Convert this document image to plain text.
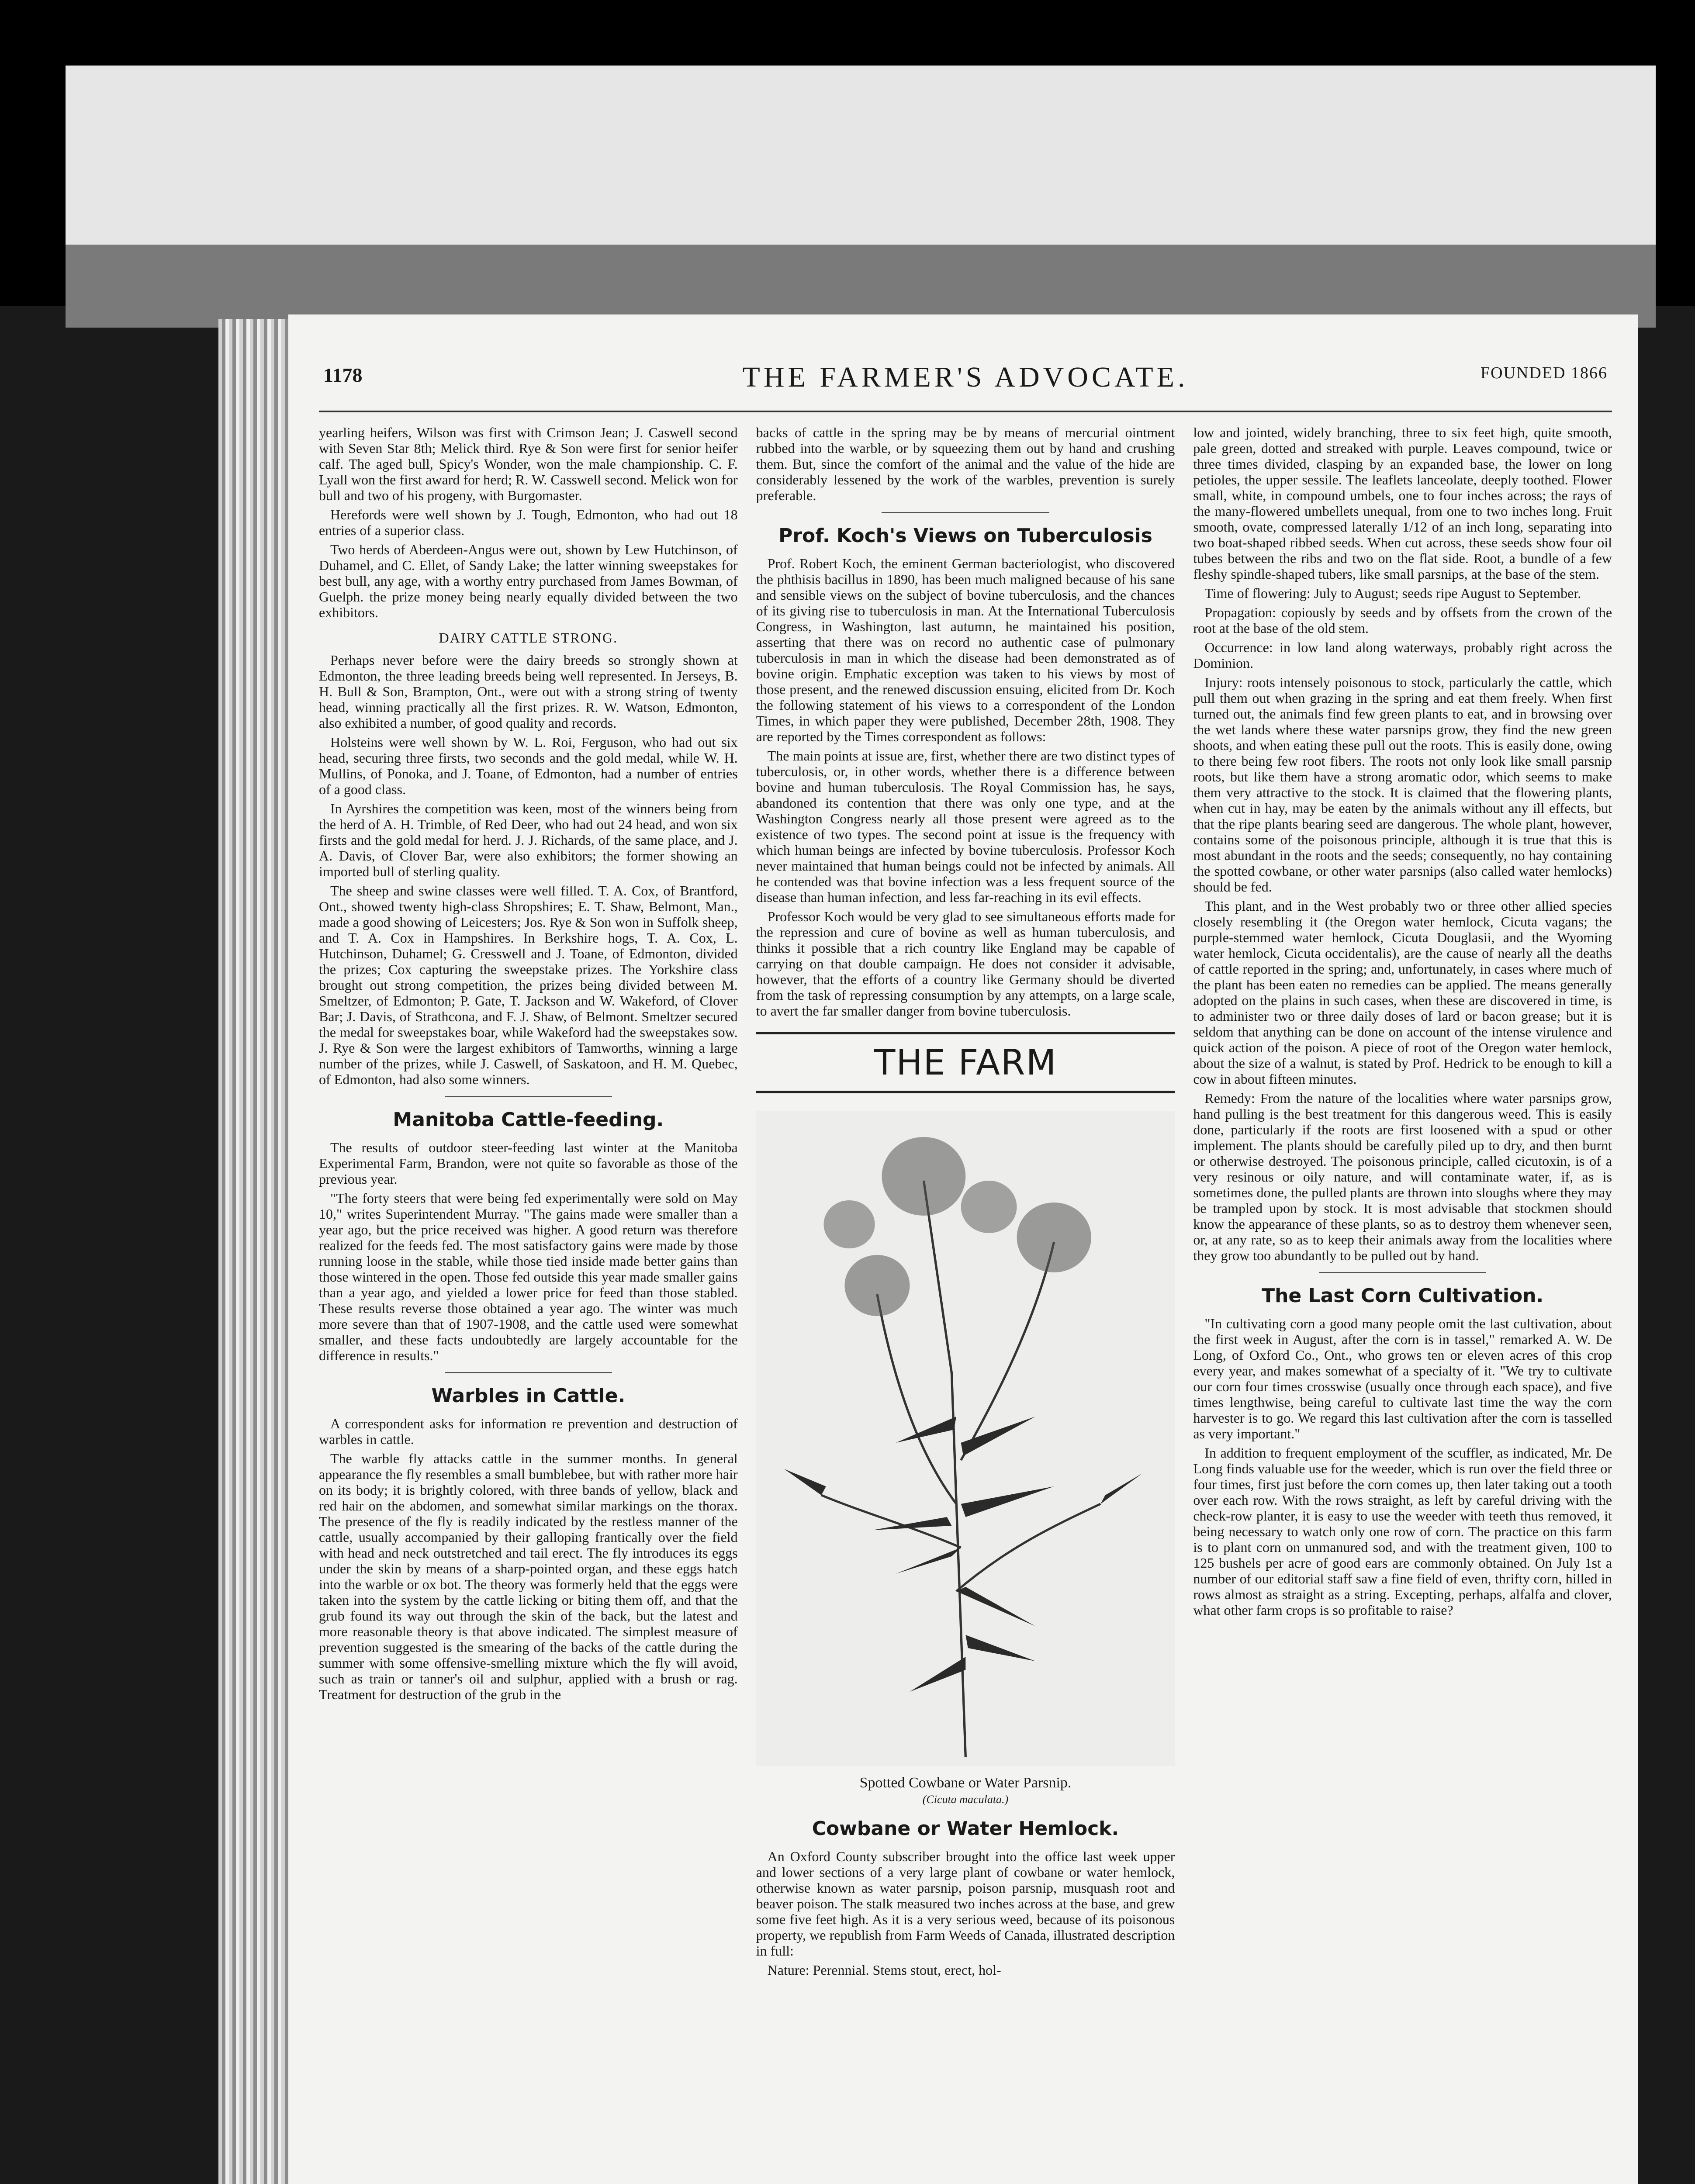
1178	THE FARMER'S ADVOCATE.	FOUNDED 1866

yearling heifers, Wilson was first with Crimson Jean; J. Caswell second with Seven Star 8th; Melick third. Rye & Son were first for senior heifer calf. The aged bull, Spicy's Wonder, won the male championship. C. F. Lyall won the first award for herd; R. W. Casswell second. Melick won for bull and two of his progeny, with Burgomaster.

Herefords were well shown by J. Tough, Edmonton, who had out 18 entries of a superior class.

Two herds of Aberdeen-Angus were out, shown by Lew Hutchinson, of Duhamel, and C. Ellet, of Sandy Lake; the latter winning sweepstakes for best bull, any age, with a worthy entry purchased from James Bowman, of Guelph. the prize money being nearly equally divided between the two exhibitors.

DAIRY CATTLE STRONG.

Perhaps never before were the dairy breeds so strongly shown at Edmonton, the three leading breeds being well represented. In Jerseys, B. H. Bull & Son, Brampton, Ont., were out with a strong string of twenty head, winning practically all the first prizes. R. W. Watson, Edmonton, also exhibited a number, of good quality and records.

Holsteins were well shown by W. L. Roi, Ferguson, who had out six head, securing three firsts, two seconds and the gold medal, while W. H. Mullins, of Ponoka, and J. Toane, of Edmonton, had a number of entries of a good class.

In Ayrshires the competition was keen, most of the winners being from the herd of A. H. Trimble, of Red Deer, who had out 24 head, and won six firsts and the gold medal for herd. J. J. Richards, of the same place, and J. A. Davis, of Clover Bar, were also exhibitors; the former showing an imported bull of sterling quality.

The sheep and swine classes were well filled. T. A. Cox, of Brantford, Ont., showed twenty high-class Shropshires; E. T. Shaw, Belmont, Man., made a good showing of Leicesters; Jos. Rye & Son won in Suffolk sheep, and T. A. Cox in Hampshires. In Berkshire hogs, T. A. Cox, L. Hutchinson, Duhamel; G. Cresswell and J. Toane, of Edmonton, divided the prizes; Cox capturing the sweepstake prizes. The Yorkshire class brought out strong competition, the prizes being divided between M. Smeltzer, of Edmonton; P. Gate, T. Jackson and W. Wakeford, of Clover Bar; J. Davis, of Strathcona, and F. J. Shaw, of Belmont. Smeltzer secured the medal for sweepstakes boar, while Wakeford had the sweepstakes sow. J. Rye & Son were the largest exhibitors of Tamworths, winning a large number of the prizes, while J. Caswell, of Saskatoon, and H. M. Quebec, of Edmonton, had also some winners.

Manitoba Cattle-feeding.

The results of outdoor steer-feeding last winter at the Manitoba Experimental Farm, Brandon, were not quite so favorable as those of the previous year.

"The forty steers that were being fed experimentally were sold on May 10," writes Superintendent Murray. "The gains made were smaller than a year ago, but the price received was higher. A good return was therefore realized for the feeds fed. The most satisfactory gains were made by those running loose in the stable, while those tied inside made better gains than those wintered in the open. Those fed outside this year made smaller gains than a year ago, and yielded a lower price for feed than those stabled. These results reverse those obtained a year ago. The winter was much more severe than that of 1907-1908, and the cattle used were somewhat smaller, and these facts undoubtedly are largely accountable for the difference in results."

Warbles in Cattle.

A correspondent asks for information re prevention and destruction of warbles in cattle.

The warble fly attacks cattle in the summer months. In general appearance the fly resembles a small bumblebee, but with rather more hair on its body; it is brightly colored, with three bands of yellow, black and red hair on the abdomen, and somewhat similar markings on the thorax. The presence of the fly is readily indicated by the restless manner of the cattle, usually accompanied by their galloping frantically over the field with head and neck outstretched and tail erect. The fly introduces its eggs under the skin by means of a sharp-pointed organ, and these eggs hatch into the warble or ox bot. The theory was formerly held that the eggs were taken into the system by the cattle licking or biting them off, and that the grub found its way out through the skin of the back, but the latest and more reasonable theory is that above indicated. The simplest measure of prevention suggested is the smearing of the backs of the cattle during the summer with some offensive-smelling mixture which the fly will avoid, such as train or tanner's oil and sulphur, applied with a brush or rag. Treatment for destruction of the grub in the

backs of cattle in the spring may be by means of mercurial ointment rubbed into the warble, or by squeezing them out by hand and crushing them. But, since the comfort of the animal and the value of the hide are considerably lessened by the work of the warbles, prevention is surely preferable.

Prof. Koch's Views on Tuberculosis

Prof. Robert Koch, the eminent German bacteriologist, who discovered the phthisis bacillus in 1890, has been much maligned because of his sane and sensible views on the subject of bovine tuberculosis, and the chances of its giving rise to tuberculosis in man. At the International Tuberculosis Congress, in Washington, last autumn, he maintained his position, asserting that there was on record no authentic case of pulmonary tuberculosis in man in which the disease had been demonstrated as of bovine origin. Emphatic exception was taken to his views by most of those present, and the renewed discussion ensuing, elicited from Dr. Koch the following statement of his views to a correspondent of the London Times, in which paper they were published, December 28th, 1908. They are reported by the Times correspondent as follows:

The main points at issue are, first, whether there are two distinct types of tuberculosis, or, in other words, whether there is a difference between bovine and human tuberculosis. The Royal Commission has, he says, abandoned its contention that there was only one type, and at the Washington Congress nearly all those present were agreed as to the existence of two types. The second point at issue is the frequency with which human beings are infected by bovine tuberculosis. Professor Koch never maintained that human beings could not be infected by animals. All he contended was that bovine infection was a less frequent source of the disease than human infection, and less far-reaching in its evil effects.

Professor Koch would be very glad to see simultaneous efforts made for the repression and cure of bovine as well as human tuberculosis, and thinks it possible that a rich country like England may be capable of carrying on that double campaign. He does not consider it advisable, however, that the efforts of a country like Germany should be diverted from the task of repressing consumption by any attempts, on a large scale, to avert the far smaller danger from bovine tuberculosis.

THE FARM
Spotted Cowbane or Water Parsnip.
(Cicuta maculata.)
Cowbane or Water Hemlock.

An Oxford County subscriber brought into the office last week upper and lower sections of a very large plant of cowbane or water hemlock, otherwise known as water parsnip, poison parsnip, musquash root and beaver poison. The stalk measured two inches across at the base, and grew some five feet high. As it is a very serious weed, because of its poisonous property, we republish from Farm Weeds of Canada, illustrated description in full:

Nature: Perennial. Stems stout, erect, hol-

low and jointed, widely branching, three to six feet high, quite smooth, pale green, dotted and streaked with purple. Leaves compound, twice or three times divided, clasping by an expanded base, the lower on long petioles, the upper sessile. The leaflets lanceolate, deeply toothed. Flower small, white, in compound umbels, one to four inches across; the rays of the many-flowered umbellets unequal, from one to two inches long. Fruit smooth, ovate, compressed laterally 1/12 of an inch long, separating into two boat-shaped ribbed seeds. When cut across, these seeds show four oil tubes between the ribs and two on the flat side. Root, a bundle of a few fleshy spindle-shaped tubers, like small parsnips, at the base of the stem.

Time of flowering: July to August; seeds ripe August to September.

Propagation: copiously by seeds and by offsets from the crown of the root at the base of the old stem.

Occurrence: in low land along waterways, probably right across the Dominion.

Injury: roots intensely poisonous to stock, particularly the cattle, which pull them out when grazing in the spring and eat them freely. When first turned out, the animals find few green plants to eat, and in browsing over the wet lands where these water parsnips grow, they find the new green shoots, and when eating these pull out the roots. This is easily done, owing to there being few root fibers. The roots not only look like small parsnip roots, but like them have a strong aromatic odor, which seems to make them very attractive to the stock. It is claimed that the flowering plants, when cut in hay, may be eaten by the animals without any ill effects, but that the ripe plants bearing seed are dangerous. The whole plant, however, contains some of the poisonous principle, although it is true that this is most abundant in the roots and the seeds; consequently, no hay containing the spotted cowbane, or other water parsnips (also called water hemlocks) should be fed.

This plant, and in the West probably two or three other allied species closely resembling it (the Oregon water hemlock, Cicuta vagans; the purple-stemmed water hemlock, Cicuta Douglasii, and the Wyoming water hemlock, Cicuta occidentalis), are the cause of nearly all the deaths of cattle reported in the spring; and, unfortunately, in cases where much of the plant has been eaten no remedies can be applied. The means generally adopted on the plains in such cases, when these are discovered in time, is to administer two or three daily doses of lard or bacon grease; but it is seldom that anything can be done on account of the intense virulence and quick action of the poison. A piece of root of the Oregon water hemlock, about the size of a walnut, is stated by Prof. Hedrick to be enough to kill a cow in about fifteen minutes.

Remedy: From the nature of the localities where water parsnips grow, hand pulling is the best treatment for this dangerous weed. This is easily done, particularly if the roots are first loosened with a spud or other implement. The plants should be carefully piled up to dry, and then burnt or otherwise destroyed. The poisonous principle, called cicutoxin, is of a very resinous or oily nature, and will contaminate water, if, as is sometimes done, the pulled plants are thrown into sloughs where they may be trampled upon by stock. It is most advisable that stockmen should know the appearance of these plants, so as to destroy them whenever seen, or, at any rate, so as to keep their animals away from the localities where they grow too abundantly to be pulled out by hand.

The Last Corn Cultivation.

"In cultivating corn a good many people omit the last cultivation, about the first week in August, after the corn is in tassel," remarked A. W. De Long, of Oxford Co., Ont., who grows ten or eleven acres of this crop every year, and makes somewhat of a specialty of it. "We try to cultivate our corn four times crosswise (usually once through each space), and five times lengthwise, being careful to cultivate last time the way the corn harvester is to go. We regard this last cultivation after the corn is tasselled as very important."

In addition to frequent employment of the scuffler, as indicated, Mr. De Long finds valuable use for the weeder, which is run over the field three or four times, first just before the corn comes up, then later taking out a tooth over each row. With the rows straight, as left by careful driving with the check-row planter, it is easy to use the weeder with teeth thus removed, it being necessary to watch only one row of corn. The practice on this farm is to plant corn on unmanured sod, and with the treatment given, 100 to 125 bushels per acre of good ears are commonly obtained. On July 1st a number of our editorial staff saw a fine field of even, thrifty corn, hilled in rows almost as straight as a string. Excepting, perhaps, alfalfa and clover, what other farm crops is so profitable to raise?
